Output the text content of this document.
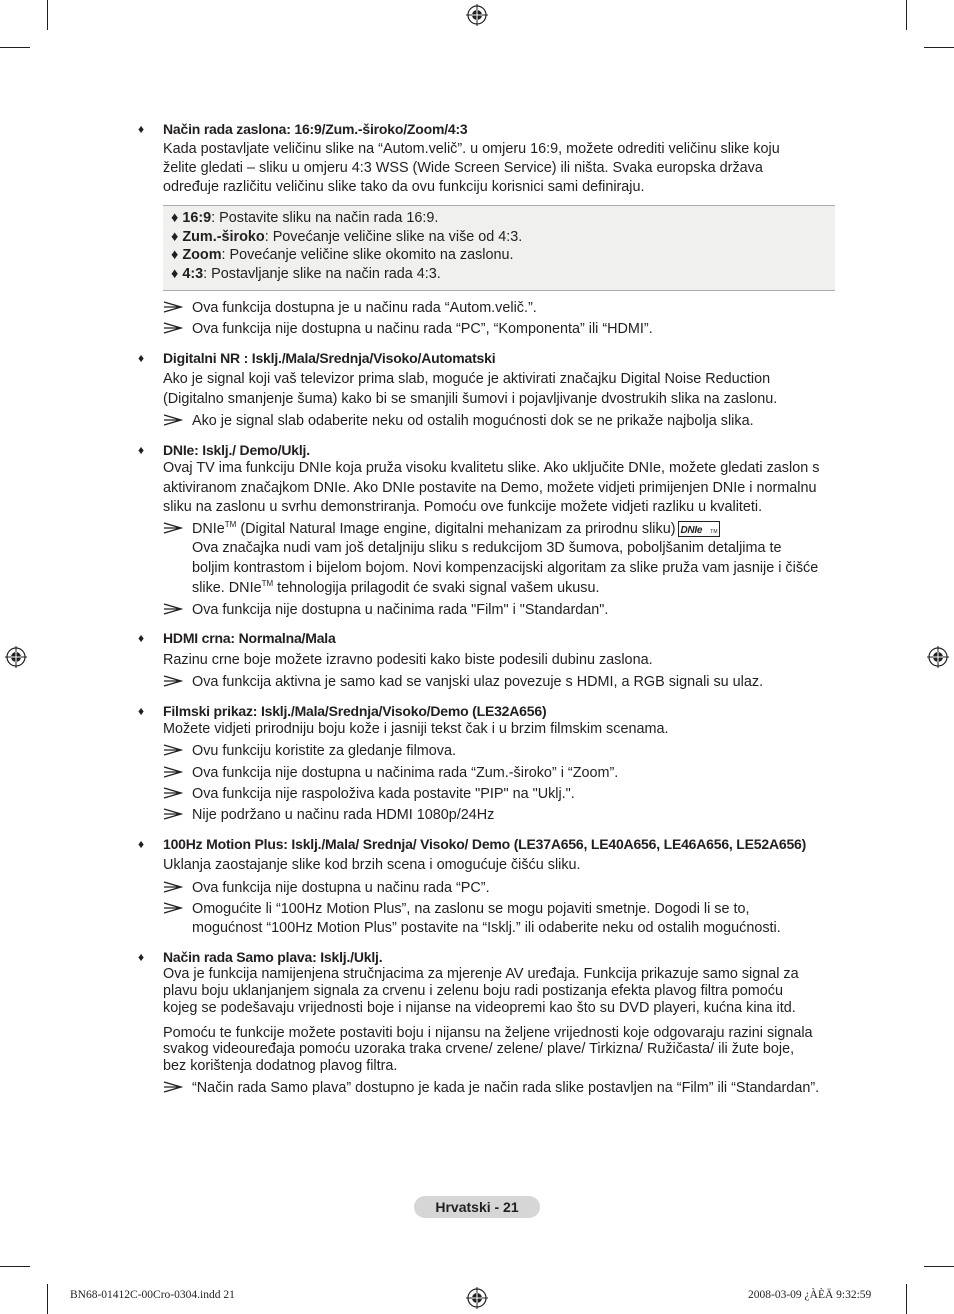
♦ Način rada zaslona: 16:9/Zum.-široko/Zoom/4:3
Kada postavljate veličinu slike na “Autom.velič”. u omjeru 16:9, možete odrediti veličinu slike koju
želite gledati – sliku u omjeru 4:3 WSS (Wide Screen Service) ili ništa. Svaka europska država
određuje različitu veličinu slike tako da ovu funkciju korisnici sami definiraju.
♦ 16:9: Postavite sliku na način rada 16:9.
♦ Zum.-široko: Povećanje veličine slike na više od 4:3.
♦ Zoom: Povećanje veličine slike okomito na zaslonu.
♦ 4:3: Postavljanje slike na način rada 4:3.
Ova funkcija dostupna je u načinu rada “Autom.velič.”.
Ova funkcija nije dostupna u načinu rada “PC”, “Komponenta” ili “HDMI”.
♦ Digitalni NR : Isklj./Mala/Srednja/Visoko/Automatski
Ako je signal koji vaš televizor prima slab, moguće je aktivirati značajku Digital Noise Reduction
(Digitalno smanjenje šuma) kako bi se smanjili šumovi i pojavljivanje dvostrukih slika na zaslonu.
Ako je signal slab odaberite neku od ostalih mogućnosti dok se ne prikaže najbolja slika.
♦ DNIe: Isklj./ Demo/Uklj.
Ovaj TV ima funkciju DNIe koja pruža visoku kvalitetu slike. Ako uključite DNIe, možete gledati zaslon s
aktiviranom značajkom DNIe. Ako DNIe postavite na Demo, možete vidjeti primijenjen DNIe i normalnu
sliku na zaslonu u svrhu demonstriranja. Pomoću ove funkcije možete vidjeti razliku u kvaliteti.
DNIe™ (Digital Natural Image engine, digitalni mehanizam za prirodnu sliku) DNIe TM
Ova značajka nudi vam još detaljniju sliku s redukcijom 3D šumova, poboljšanim detaljima te
boljim kontrastom i bijelom bojom. Novi kompenzacijski algoritam za slike pruža vam jasnije i čišće
slike. DNIe™ tehnologija prilagodit će svaki signal vašem ukusu.
Ova funkcija nije dostupna u načinima rada "Film" i "Standardan".
♦ HDMI crna: Normalna/Mala
Razinu crne boje možete izravno podesiti kako biste podesili dubinu zaslona.
Ova funkcija aktivna je samo kad se vanjski ulaz povezuje s HDMI, a RGB signali su ulaz.
♦ Filmski prikaz: Isklj./Mala/Srednja/Visoko/Demo (LE32A656)
Možete vidjeti prirodniju boju kože i jasniji tekst čak i u brzim filmskim scenama.
Ovu funkciju koristite za gledanje filmova.
Ova funkcija nije dostupna u načinima rada “Zum.-široko” i “Zoom”.
Ova funkcija nije raspoloživa kada postavite "PIP" na "Uklj.".
Nije podržano u načinu rada HDMI 1080p/24Hz
♦ 100Hz Motion Plus: Isklj./Mala/ Srednja/ Visoko/ Demo (LE37A656, LE40A656, LE46A656, LE52A656)
Uklanja zaostajanje slike kod brzih scena i omogućuje čišću sliku.
Ova funkcija nije dostupna u načinu rada “PC”.
Omogućite li “100Hz Motion Plus”, na zaslonu se mogu pojaviti smetnje. Dogodi li se to,
mogućnost “100Hz Motion Plus” postavite na “Isklj.” ili odaberite neku od ostalih mogućnosti.
♦ Način rada Samo plava: Isklj./Uklj.
Ova je funkcija namijenjena stručnjacima za mjerenje AV uređaja. Funkcija prikazuje samo signal za
plavu boju uklanjanjem signala za crvenu i zelenu boju radi postizanja efekta plavog filtra pomoću
kojeg se podešavaju vrijednosti boje i nijanse na videopremi kao što su DVD playeri, kućna kina itd.
Pomoću te funkcije možete postaviti boju i nijansu na željene vrijednosti koje odgovaraju razini signala
svakog videouređaja pomoću uzoraka traka crvene/ zelene/ plave/ Tirkizna/ Ružičasta/ ili žute boje,
bez korištenja dodatnog plavog filtra.
“Način rada Samo plava” dostupno je kada je način rada slike postavljen na “Film” ili “Standardan”.
Hrvatski - 21
BN68-01412C-00Cro-0304.indd 21	2008-03-09 ¿ÀÈÄ 9:32:59
